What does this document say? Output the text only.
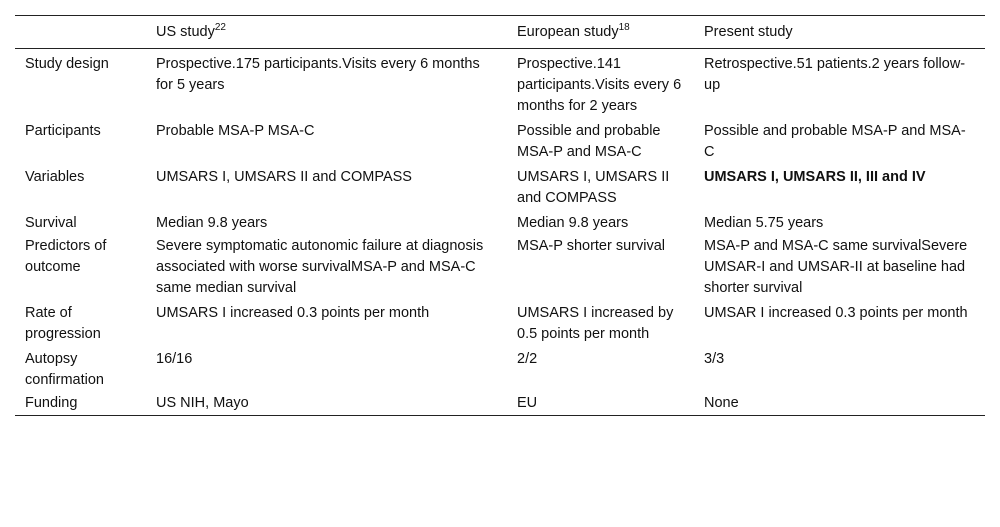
	US study$^{22}$	European study$^{18}$	Present study
Study design	Prospective.175 participants.Visits every 6 months for 5 years	Prospective.141 participants.Visits every 6 months for 2 years	Retrospective.51 patients.2 years follow-up
Participants	Probable MSA-P MSA-C	Possible and probable MSA-P and MSA-C	Possible and probable MSA-P and MSA-C
Variables	UMSARS I, UMSARS II and COMPASS	UMSARS I, UMSARS II and COMPASS	UMSARS I, UMSARS II, III and IV
Survival	Median 9.8 years	Median 9.8 years	Median 5.75 years
Predictors of outcome	Severe symptomatic autonomic failure at diagnosis associated with worse survivalMSA-P and MSA-C same median survival	MSA-P shorter survival	MSA-P and MSA-C same survivalSevere UMSAR-I and UMSAR-II at baseline had shorter survival
Rate of progression	UMSARS I increased 0.3 points per month	UMSARS I increased by 0.5 points per month	UMSAR I increased 0.3 points per month
Autopsy confirmation	16/16	2/2	3/3
Funding	US NIH, Mayo	EU	None
